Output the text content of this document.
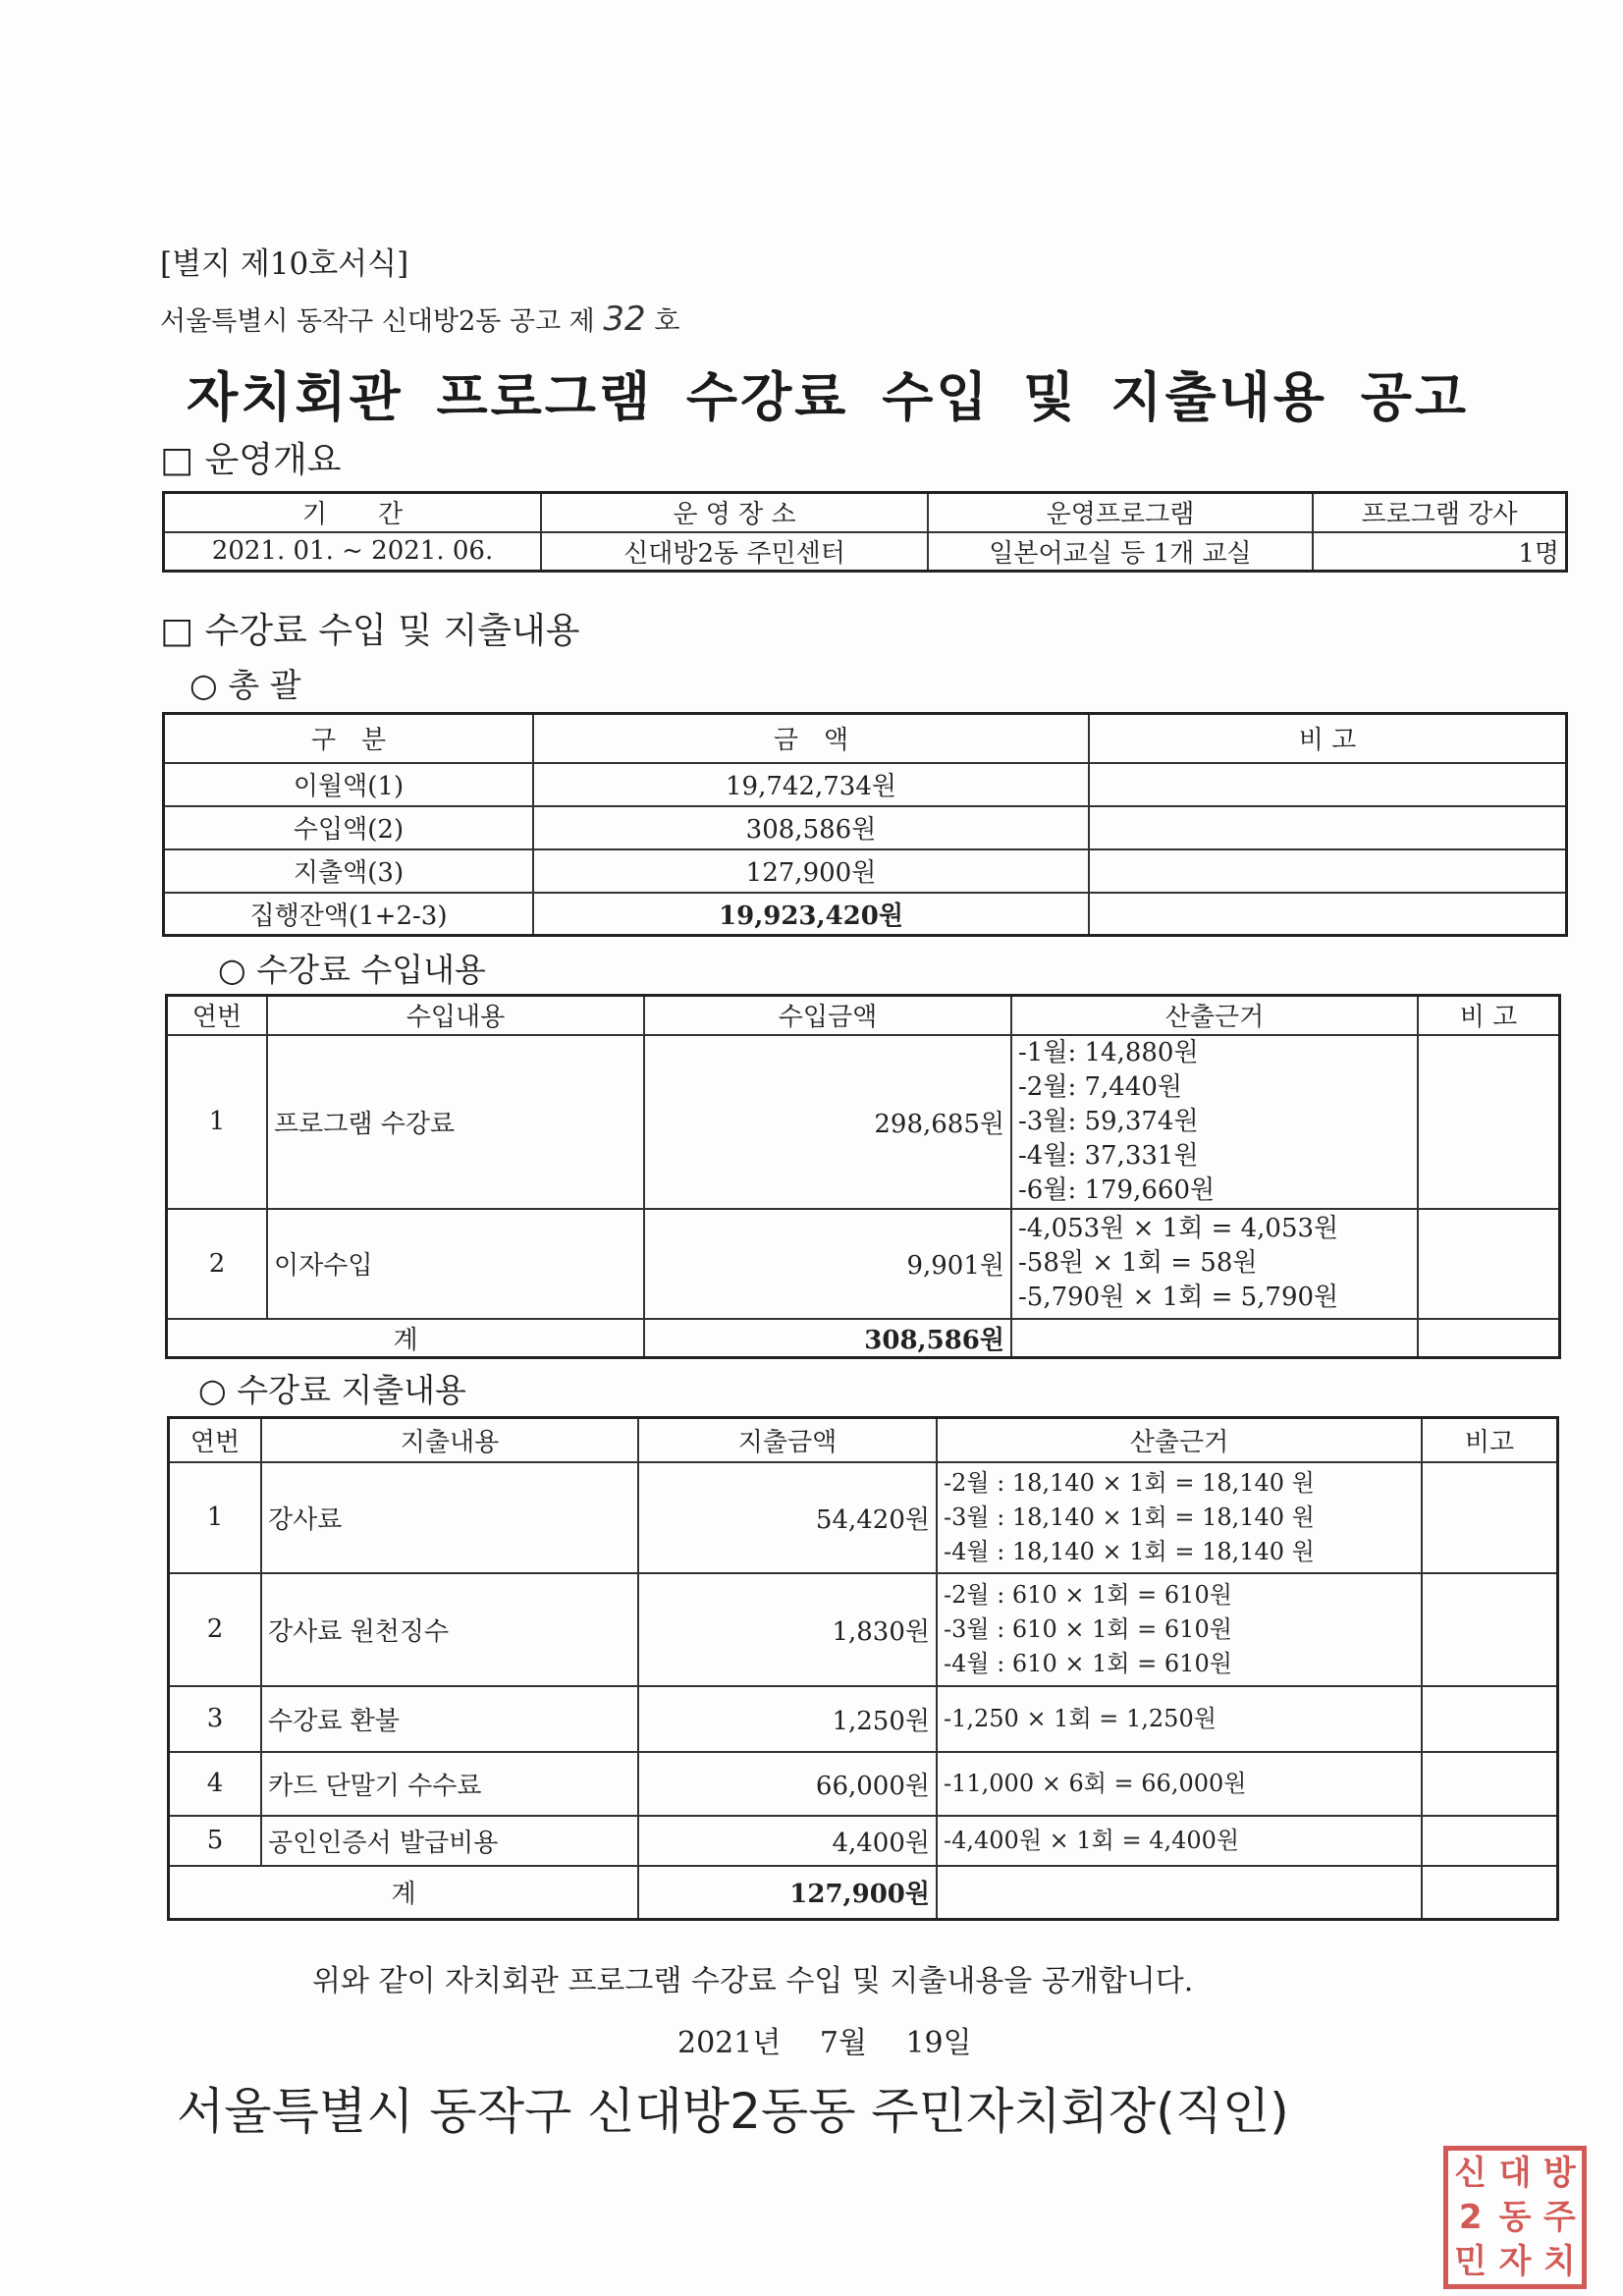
[별지 제10호서식]
서울특별시 동작구 신대방2동 공고 제 32 호
자치회관 프로그램 수강료 수입 및 지출내용 공고
□ 운영개요
기　　간	운 영 장 소	운영프로그램	프로그램 강사
2021. 01. ~ 2021. 06.	신대방2동 주민센터	일본어교실 등 1개 교실	1명
□ 수강료 수입 및 지출내용
○ 총 괄
구　분	금　액	비 고
이월액(1)	19,742,734원	
수입액(2)	308,586원	
지출액(3)	127,900원	
집행잔액(1+2-3)	19,923,420원	
○ 수강료 수입내용
연번	수입내용	수입금액	산출근거	비 고
1	프로그램 수강료	298,685원	-1월: 14,880원
-2월: 7,440원
-3월: 59,374원
-4월: 37,331원
-6월: 179,660원	

2	이자수입	9,901원	-4,053원 × 1회 = 4,053원
-58원 × 1회 = 58원
-5,790원 × 1회 = 5,790원	

계		308,586원		
○ 수강료 지출내용
연번	지출내용	지출금액	산출근거	비고
1	강사료	54,420원	-2월 : 18,140 × 1회 = 18,140 원
-3월 : 18,140 × 1회 = 18,140 원
-4월 : 18,140 × 1회 = 18,140 원	

2	강사료 원천징수	1,830원	-2월 : 610 × 1회 = 610원
-3월 : 610 × 1회 = 610원
-4월 : 610 × 1회 = 610원	

3	수강료 환불	1,250원	-1,250 × 1회 = 1,250원	

4	카드 단말기 수수료	66,000원	-11,000 × 6회 = 66,000원	

5	공인인증서 발급비용	4,400원	-4,400원 × 1회 = 4,400원	

계		127,900원		
위와 같이 자치회관 프로그램 수강료 수입 및 지출내용을 공개합니다.
2021년　 7월　 19일
서울특별시 동작구 신대방2동동 주민자치회장(직인)
신 대 방
2 동 주
민 자 치
